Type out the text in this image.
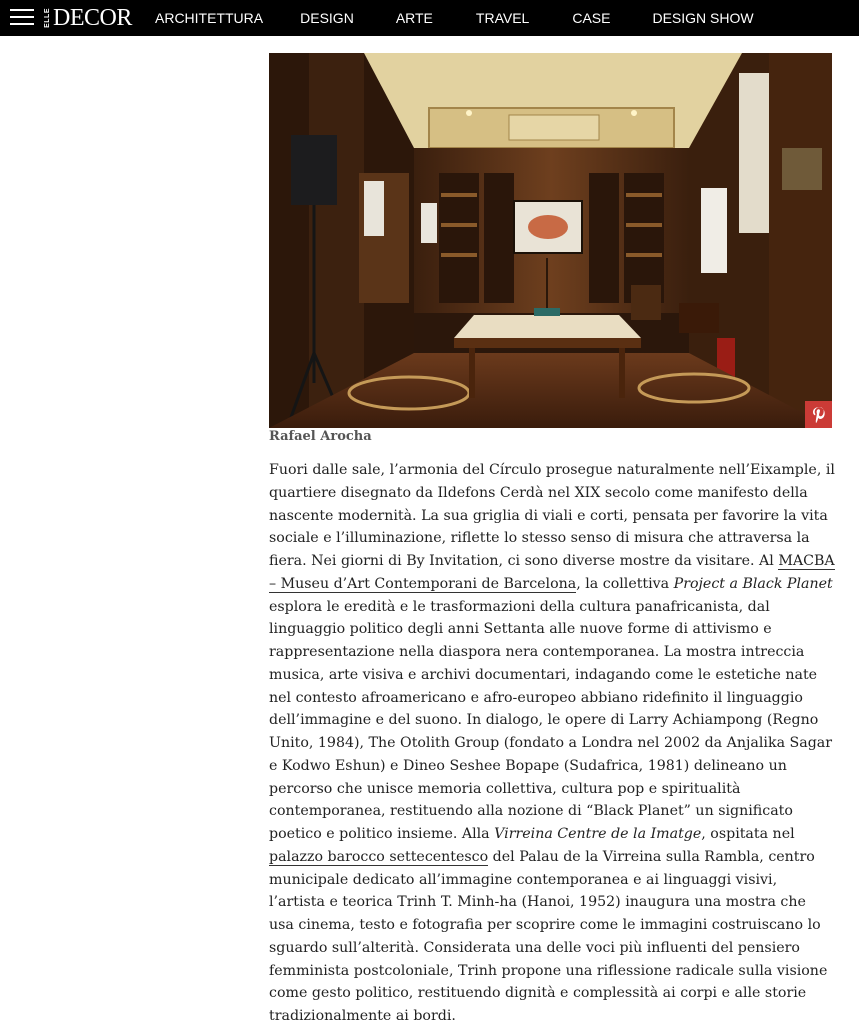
ELLE DECOR ARCHITETTURA	DESIGN	ARTE	TRAVEL	CASE	DESIGN SHOW
Rafael Arocha
Fuori dalle sale, l’armonia del Círculo prosegue naturalmente nell’Eixample, il quartiere disegnato da Ildefons Cerdà nel XIX secolo come manifesto della nascente modernità. La sua griglia di viali e corti, pensata per favorire la vita sociale e l’illuminazione, riflette lo stesso senso di misura che attraversa la fiera. Nei giorni di By Invitation, ci sono diverse mostre da visitare. Al MACBA – Museu d’Art Contemporani de Barcelona, la collettiva Project a Black Planet esplora le eredità e le trasformazioni della cultura panafricanista, dal linguaggio politico degli anni Settanta alle nuove forme di attivismo e rappresentazione nella diaspora nera contemporanea. La mostra intreccia musica, arte visiva e archivi documentari, indagando come le estetiche nate nel contesto afroamericano e afro-europeo abbiano ridefinito il linguaggio dell’immagine e del suono. In dialogo, le opere di Larry Achiampong (Regno Unito, 1984), The Otolith Group (fondato a Londra nel 2002 da Anjalika Sagar e Kodwo Eshun) e Dineo Seshee Bopape (Sudafrica, 1981) delineano un percorso che unisce memoria collettiva, cultura pop e spiritualità contemporanea, restituendo alla nozione di “Black Planet” un significato poetico e politico insieme. Alla Virreina Centre de la Imatge, ospitata nel palazzo barocco settecentesco del Palau de la Virreina sulla Rambla, centro municipale dedicato all’immagine contemporanea e ai linguaggi visivi, l’artista e teorica Trinh T. Minh-ha (Hanoi, 1952) inaugura una mostra che usa cinema, testo e fotografia per scoprire come le immagini costruiscano lo sguardo sull’alterità. Considerata una delle voci più influenti del pensiero femminista postcoloniale, Trinh propone una riflessione radicale sulla visione come gesto politico, restituendo dignità e complessità ai corpi e alle storie tradizionalmente ai bordi.
